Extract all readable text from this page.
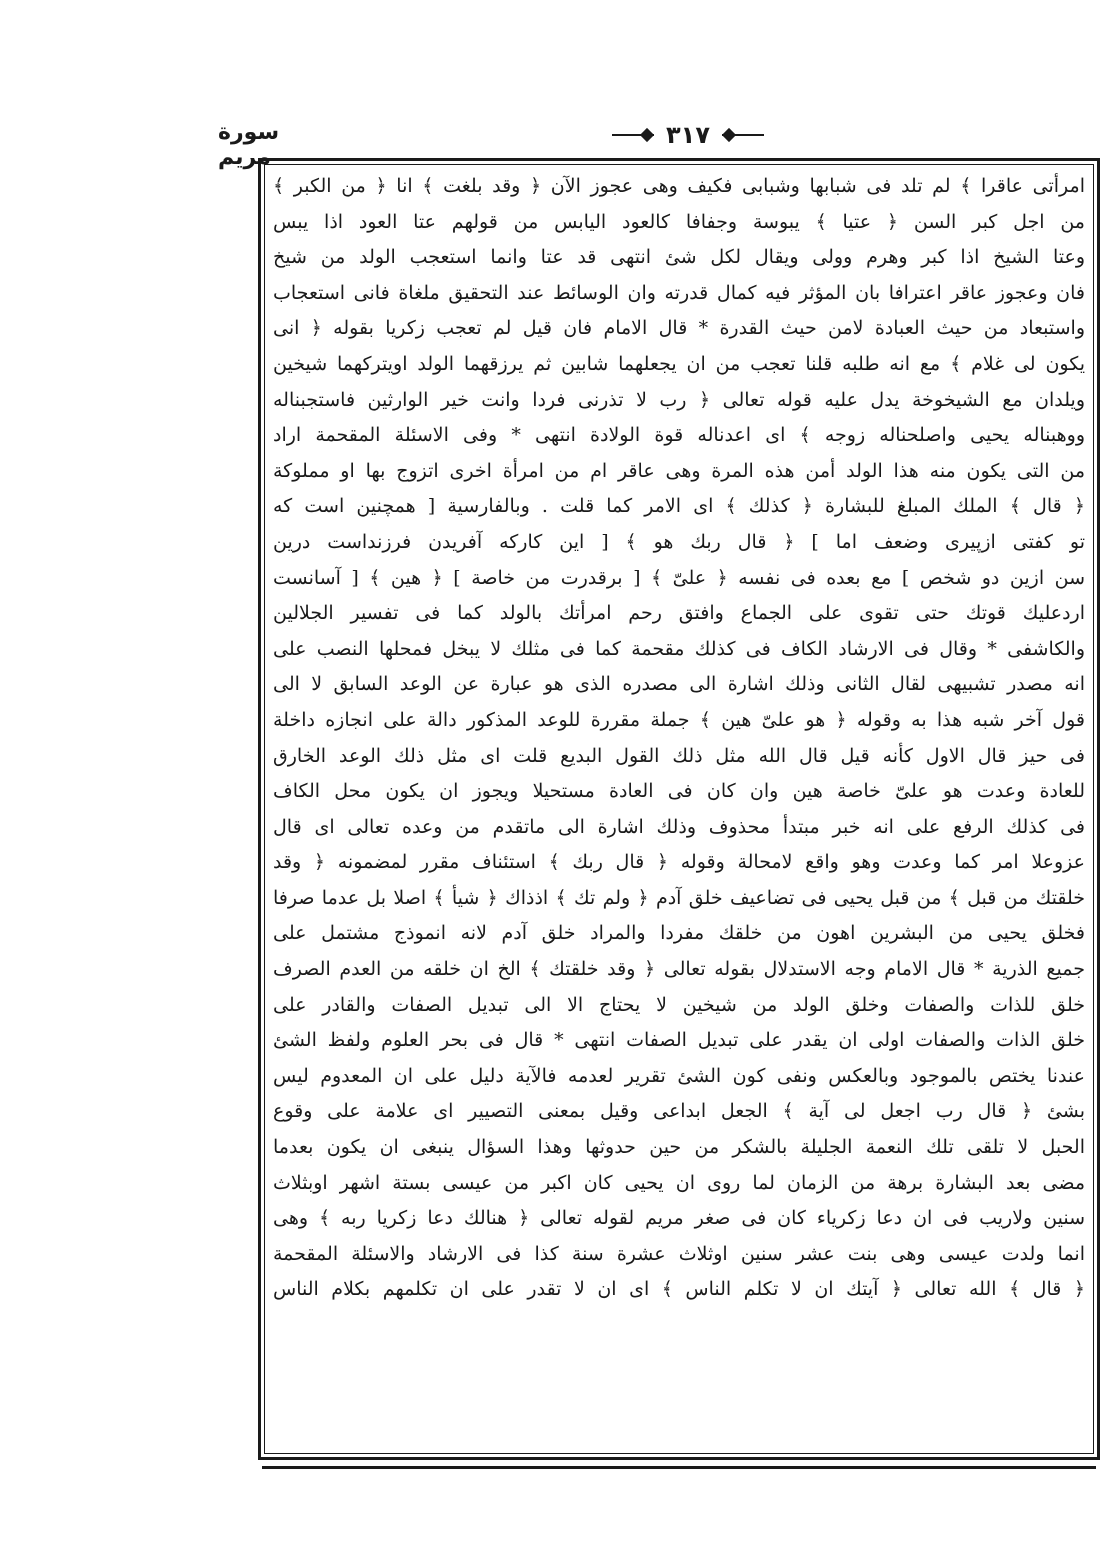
سورة مريم
٣١٧
امرأتى عاقرا ﴾ لم تلد فى شبابها وشبابى فكيف وهى عجوز الآن ﴿ وقد بلغت ﴾ انا ﴿ من الكبر ﴾
من اجل كبر السن ﴿ عتيا ﴾ يبوسة وجفافا كالعود اليابس من قولهم عتا العود اذا يبس
وعتا الشيخ اذا كبر وهرم وولى ويقال لكل شئ انتهى قد عتا وانما استعجب الولد من شيخ
فان وعجوز عاقر اعترافا بان المؤثر فيه كمال قدرته وان الوسائط عند التحقيق ملغاة فانى استعجاب
واستبعاد من حيث العبادة لامن حيث القدرة * قال الامام فان قيل لم تعجب زكريا بقوله ﴿ انى
يكون لى غلام ﴾ مع انه طلبه قلنا تعجب من ان يجعلهما شابين ثم يرزقهما الولد اويتركهما شيخين
ويلدان مع الشيخوخة يدل عليه قوله تعالى ﴿ رب لا تذرنى فردا وانت خير الوارثين فاستجبناله
ووهبناله يحيى واصلحناله زوجه ﴾ اى اعدناله قوة الولادة انتهى * وفى الاسئلة المقحمة اراد
من التى يكون منه هذا الولد أمن هذه المرة وهى عاقر ام من امرأة اخرى اتزوج بها او مملوكة
﴿ قال ﴾ الملك المبلغ للبشارة ﴿ كذلك ﴾ اى الامر كما قلت . وبالفارسية [ همچنين است كه
تو كفتى ازپيرى وضعف اما ] ﴿ قال ربك هو ﴾ [ اين كاركه آفريدن فرزنداست درين
سن ازين دو شخص ] مع بعده فى نفسه ﴿ علىّ ﴾ [ برقدرت من خاصة ] ﴿ هين ﴾ [ آسانست
اردعليك قوتك حتى تقوى على الجماع وافتق رحم امرأتك بالولد كما فى تفسير الجلالين
والكاشفى * وقال فى الارشاد الكاف فى كذلك مقحمة كما فى مثلك لا يبخل فمحلها النصب على
انه مصدر تشبيهى لقال الثانى وذلك اشارة الى مصدره الذى هو عبارة عن الوعد السابق لا الى
قول آخر شبه هذا به وقوله ﴿ هو علىّ هين ﴾ جملة مقررة للوعد المذكور دالة على انجازه داخلة
فى حيز قال الاول كأنه قيل قال الله مثل ذلك القول البديع قلت اى مثل ذلك الوعد الخارق
للعادة وعدت هو علىّ خاصة هين وان كان فى العادة مستحيلا ويجوز ان يكون محل الكاف
فى كذلك الرفع على انه خبر مبتدأ محذوف وذلك اشارة الى ماتقدم من وعده تعالى اى قال
عزوعلا امر كما وعدت وهو واقع لامحالة وقوله ﴿ قال ربك ﴾ استئناف مقرر لمضمونه ﴿ وقد
خلقتك من قبل ﴾ من قبل يحيى فى تضاعيف خلق آدم ﴿ ولم تك ﴾ اذذاك ﴿ شيأ ﴾ اصلا بل عدما صرفا
فخلق يحيى من البشرين اهون من خلقك مفردا والمراد خلق آدم لانه انموذج مشتمل على
جميع الذرية * قال الامام وجه الاستدلال بقوله تعالى ﴿ وقد خلقتك ﴾ الخ ان خلقه من العدم الصرف
خلق للذات والصفات وخلق الولد من شيخين لا يحتاج الا الى تبديل الصفات والقادر على
خلق الذات والصفات اولى ان يقدر على تبديل الصفات انتهى * قال فى بحر العلوم ولفظ الشئ
عندنا يختص بالموجود وبالعكس ونفى كون الشئ تقرير لعدمه فالآية دليل على ان المعدوم ليس
بشئ ﴿ قال رب اجعل لى آية ﴾ الجعل ابداعى وقيل بمعنى التصيير اى علامة على وقوع
الحبل لا تلقى تلك النعمة الجليلة بالشكر من حين حدوثها وهذا السؤال ينبغى ان يكون بعدما
مضى بعد البشارة برهة من الزمان لما روى ان يحيى كان اكبر من عيسى بستة اشهر اوبثلاث
سنين ولاريب فى ان دعا زكرياء كان فى صغر مريم لقوله تعالى ﴿ هنالك دعا زكريا ربه ﴾ وهى
انما ولدت عيسى وهى بنت عشر سنين اوثلاث عشرة سنة كذا فى الارشاد والاسئلة المقحمة
﴿ قال ﴾ الله تعالى ﴿ آيتك ان لا تكلم الناس ﴾ اى ان لا تقدر على ان تكلمهم بكلام الناس
